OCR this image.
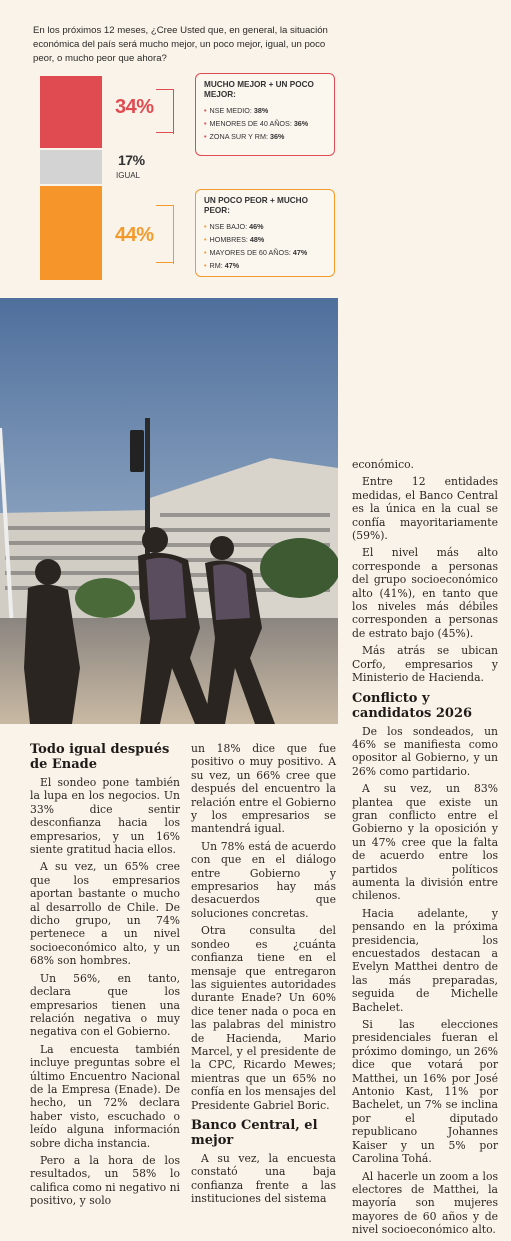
En los próximos 12 meses, ¿Cree Usted que, en general, la situación económica del país será mucho mejor, un poco mejor, igual, un poco peor, o mucho peor que ahora?
34%
17%
IGUAL
44%
MUCHO MEJOR + UN POCO MEJOR:
• NSE MEDIO: 38%
• MENORES DE 40 AÑOS: 36%
• ZONA SUR Y RM: 36%
UN POCO PEOR + MUCHO PEOR:
• NSE BAJO: 46%
• HOMBRES: 48%
• MAYORES DE 60 AÑOS: 47%
• RM: 47%
Todo igual después de Enade

El sondeo pone también la lupa en los negocios. Un 33% dice sentir desconfianza hacia los empresarios, y un 16% siente gratitud hacia ellos.

A su vez, un 65% cree que los empresarios aportan bastante o mucho al desarrollo de Chile. De dicho grupo, un 74% pertenece a un nivel socioeconómico alto, y un 68% son hombres.

Un 56%, en tanto, declara que los empresarios tienen una relación negativa o muy negativa con el Gobierno.

La encuesta también incluye preguntas sobre el último Encuentro Nacional de la Empresa (Enade). De hecho, un 72% declara haber visto, escuchado o leído alguna información sobre dicha instancia.

Pero a la hora de los resultados, un 58% lo califica como ni negativo ni positivo, y solo

un 18% dice que fue positivo o muy positivo. A su vez, un 66% cree que después del encuentro la relación entre el Gobierno y los empresarios se mantendrá igual.

Un 78% está de acuerdo con que en el diálogo entre Gobierno y empresarios hay más desacuerdos que soluciones concretas.

Otra consulta del sondeo es ¿cuánta confianza tiene en el mensaje que entregaron las siguientes autoridades durante Enade? Un 60% dice tener nada o poca en las palabras del ministro de Hacienda, Mario Marcel, y el presidente de la CPC, Ricardo Mewes; mientras que un 65% no confía en los mensajes del Presidente Gabriel Boric.

Banco Central, el mejor

A su vez, la encuesta constató una baja confianza frente a las instituciones del sistema

económico.

Entre 12 entidades medidas, el Banco Central es la única en la cual se confía mayoritariamente (59%).

El nivel más alto corresponde a personas del grupo socioeconómico alto (41%), en tanto que los niveles más débiles corresponden a personas de estrato bajo (45%).

Más atrás se ubican Corfo, empresarios y Ministerio de Hacienda.

Conflicto y candidatos 2026

De los sondeados, un 46% se manifiesta como opositor al Gobierno, y un 26% como partidario.

A su vez, un 83% plantea que existe un gran conflicto entre el Gobierno y la oposición y un 47% cree que la falta de acuerdo entre los partidos políticos aumenta la división entre chilenos.

Hacia adelante, y pensando en la próxima presidencia, los encuestados destacan a Evelyn Matthei dentro de las más preparadas, seguida de Michelle Bachelet.

Si las elecciones presidenciales fueran el próximo domingo, un 26% dice que votará por Matthei, un 16% por José Antonio Kast, 11% por Bachelet, un 7% se inclina por el diputado republicano Johannes Kaiser y un 5% por Carolina Tohá.

Al hacerle un zoom a los electores de Matthei, la mayoría son mujeres mayores de 60 años y de nivel socioeconómico alto.
